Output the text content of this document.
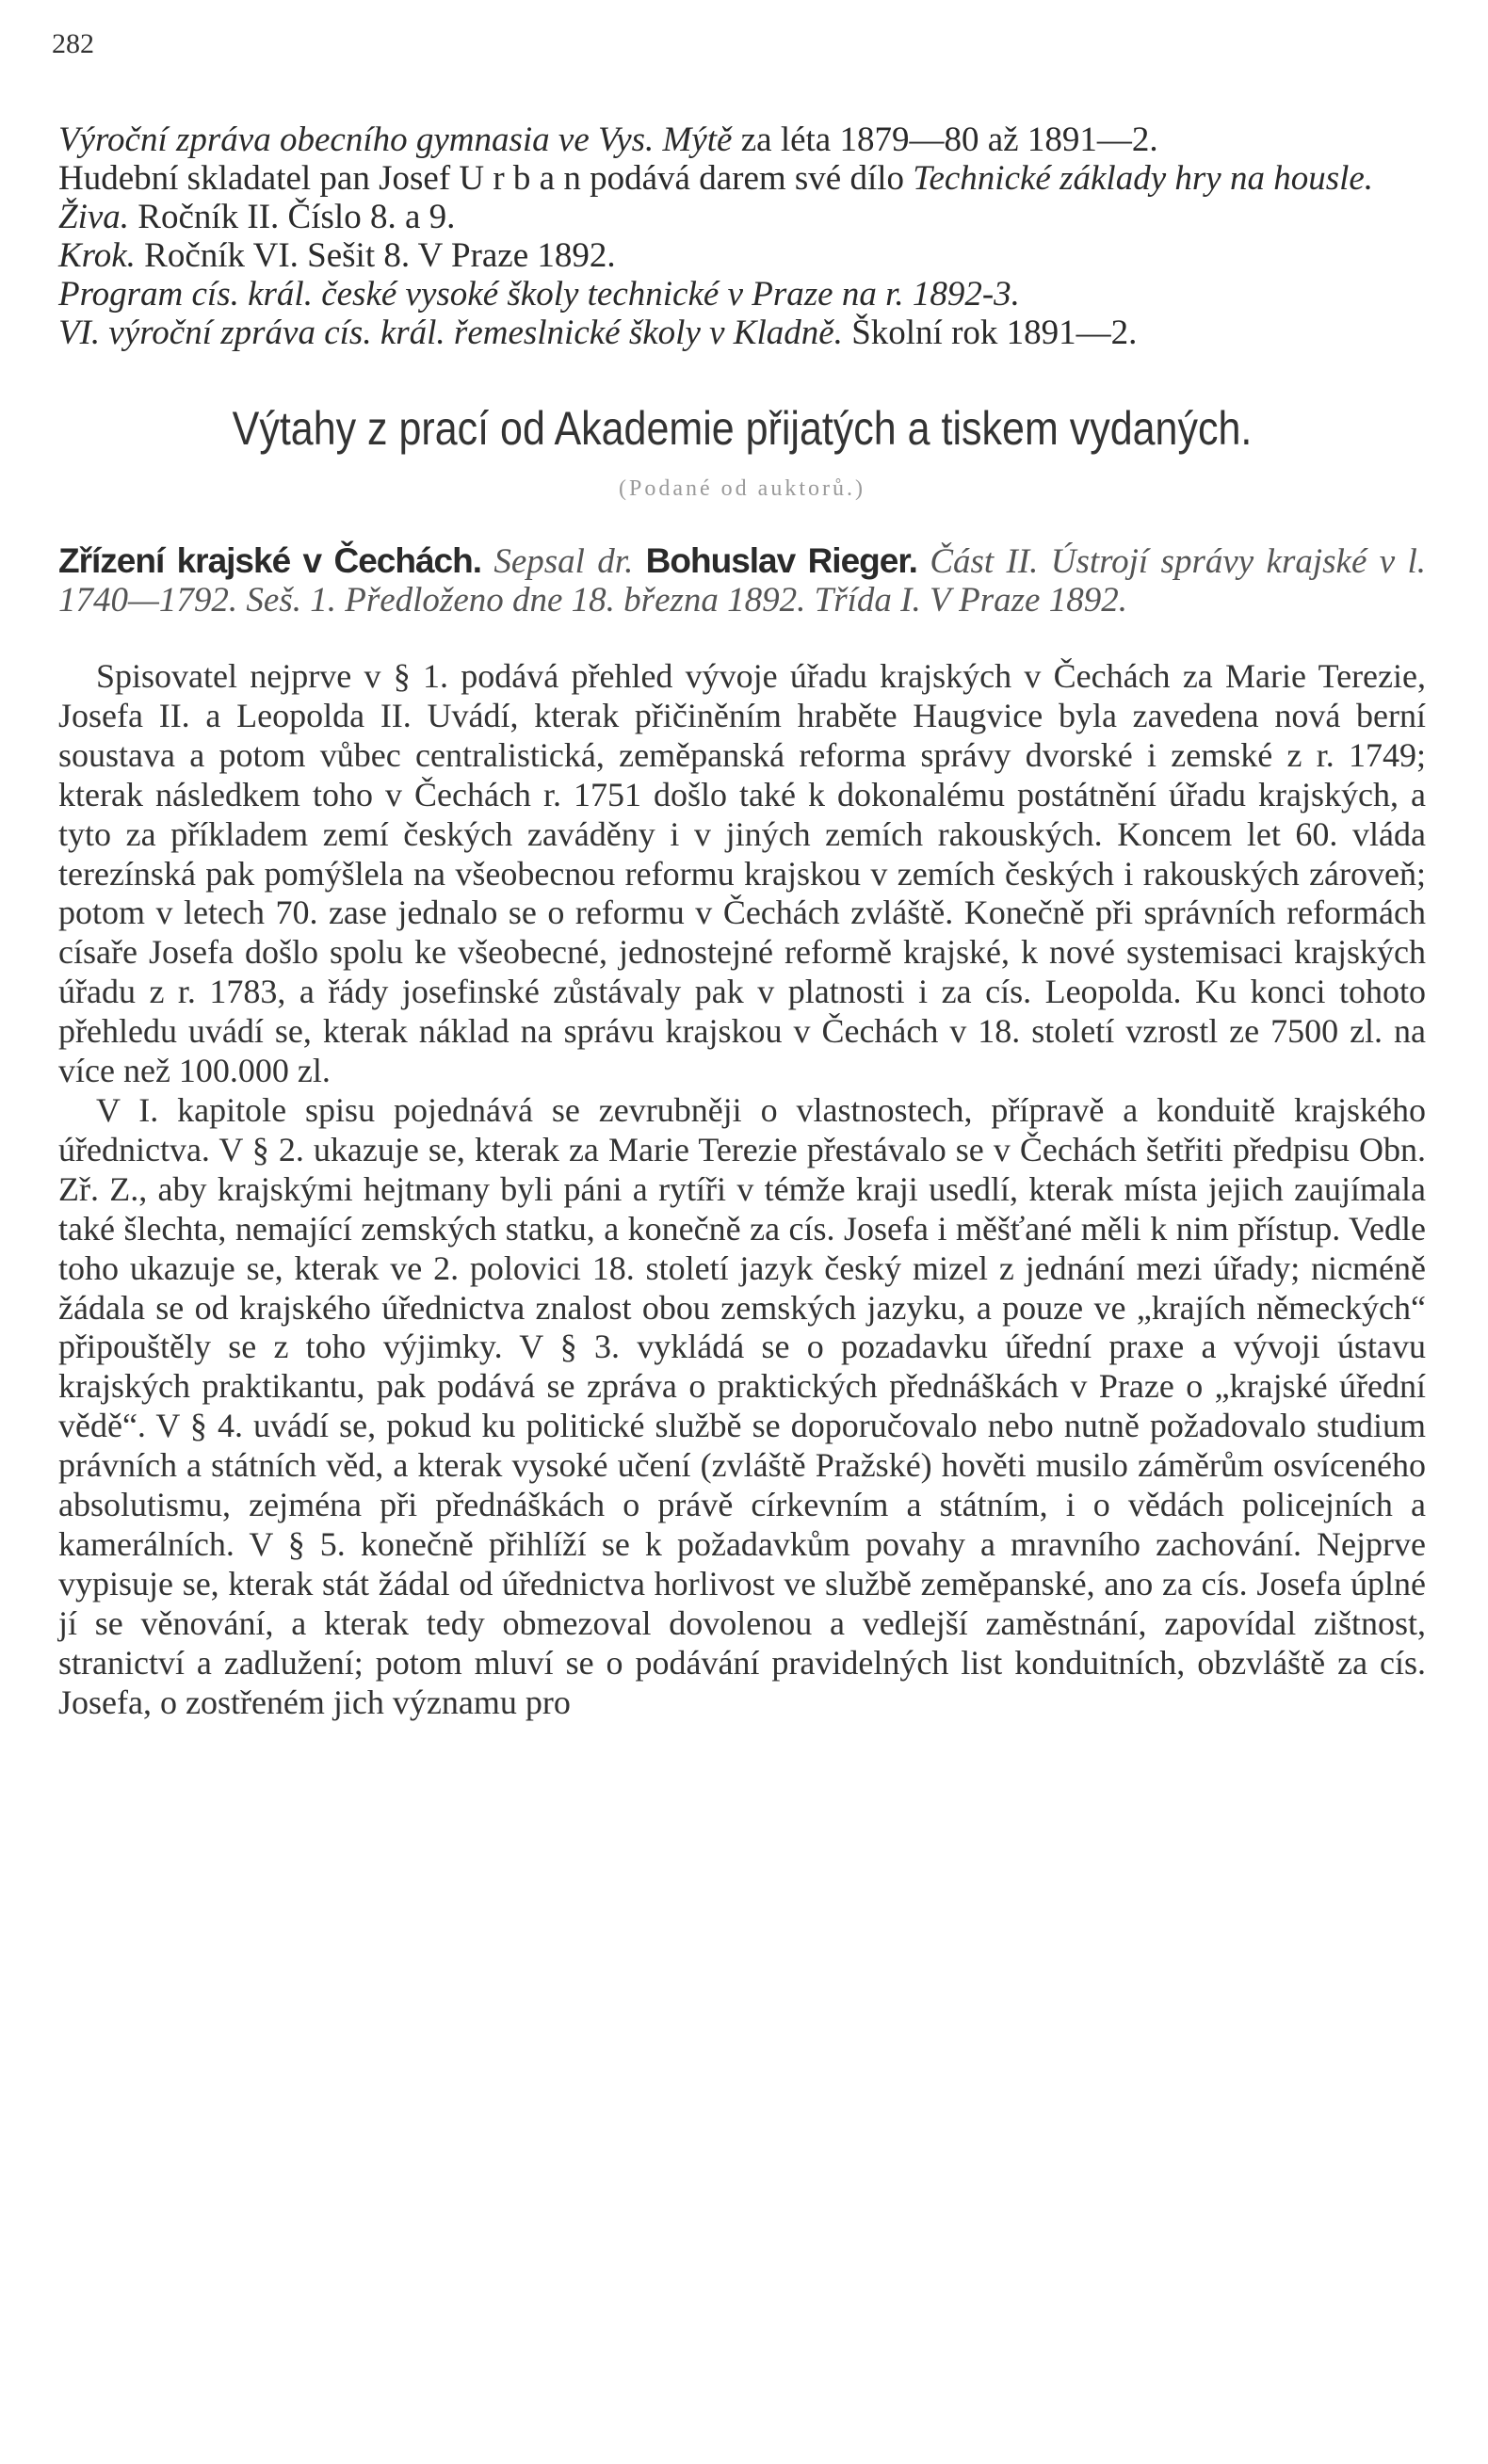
282

Výroční zpráva obecního gymnasia ve Vys. Mýtě za léta 1879—80 až 1891—2.

Hudební skladatel pan Josef U r b a n podává darem své dílo Technické základy hry na housle.

Živa. Ročník II. Číslo 8. a 9.

Krok. Ročník VI. Sešit 8. V Praze 1892.

Program cís. král. české vysoké školy technické v Praze na r. 1892-3.

VI. výroční zpráva cís. král. řemeslnické školy v Kladně. Školní rok 1891—2.

Výtahy z prací od Akademie přijatých a tiskem vydaných.
(Podané od auktorů.)

Zřízení krajské v Čechách. Sepsal dr. Bohuslav Rieger. Část II. Ústrojí správy krajské v l. 1740—1792. Seš. 1. Předloženo dne 18. března 1892. Třída I. V Praze 1892.

Spisovatel nejprve v § 1. podává přehled vývoje úřadu krajských v Čechách za Marie Terezie, Josefa II. a Leopolda II. Uvádí, kterak přičiněním hraběte Haugvice byla zavedena nová berní soustava a potom vůbec centralistická, zeměpanská reforma správy dvorské i zemské z r. 1749; kterak následkem toho v Čechách r. 1751 došlo také k dokonalému postátnění úřadu krajských, a tyto za příkladem zemí českých zaváděny i v jiných zemích rakouských. Koncem let 60. vláda terezínská pak pomýšlela na všeobecnou reformu krajskou v zemích českých i rakouských zároveň; potom v letech 70. zase jednalo se o reformu v Čechách zvláště. Konečně při správních reformách císaře Josefa došlo spolu ke všeobecné, jednostejné reformě krajské, k nové systemisaci krajských úřadu z r. 1783, a řády josefinské zůstávaly pak v platnosti i za cís. Leopolda. Ku konci tohoto přehledu uvádí se, kterak náklad na správu krajskou v Čechách v 18. století vzrostl ze 7500 zl. na více než 100.000 zl.

V I. kapitole spisu pojednává se zevrubněji o vlastnostech, přípravě a konduitě krajského úřednictva. V § 2. ukazuje se, kterak za Marie Terezie přestávalo se v Čechách šetřiti předpisu Obn. Zř. Z., aby krajskými hejtmany byli páni a rytíři v témže kraji usedlí, kterak místa jejich zaujímala také šlechta, nemající zemských statku, a konečně za cís. Josefa i měšťané měli k nim přístup. Vedle toho ukazuje se, kterak ve 2. polovici 18. století jazyk český mizel z jednání mezi úřady; nicméně žádala se od krajského úřednictva znalost obou zemských jazyku, a pouze ve „krajích německých“ připouštěly se z toho výjimky. V § 3. vykládá se o pozadavku úřední praxe a vývoji ústavu krajských praktikantu, pak podává se zpráva o praktických přednáškách v Praze o „krajské úřední vědě“. V § 4. uvádí se, pokud ku politické službě se doporučovalo nebo nutně požadovalo studium právních a státních věd, a kterak vysoké učení (zvláště Pražské) hověti musilo záměrům osvíceného absolutismu, zejména při přednáškách o právě církevním a státním, i o vědách policejních a kamerálních. V § 5. konečně přihlíží se k požadavkům povahy a mravního zachování. Nejprve vypisuje se, kterak stát žádal od úřednictva horlivost ve službě zeměpanské, ano za cís. Josefa úplné jí se věnování, a kterak tedy obmezoval dovolenou a vedlejší zaměstnání, zapovídal zištnost, stranictví a zadlužení; potom mluví se o podávání pravidelných list konduitních, obzvláště za cís. Josefa, o zostřeném jich významu pro
